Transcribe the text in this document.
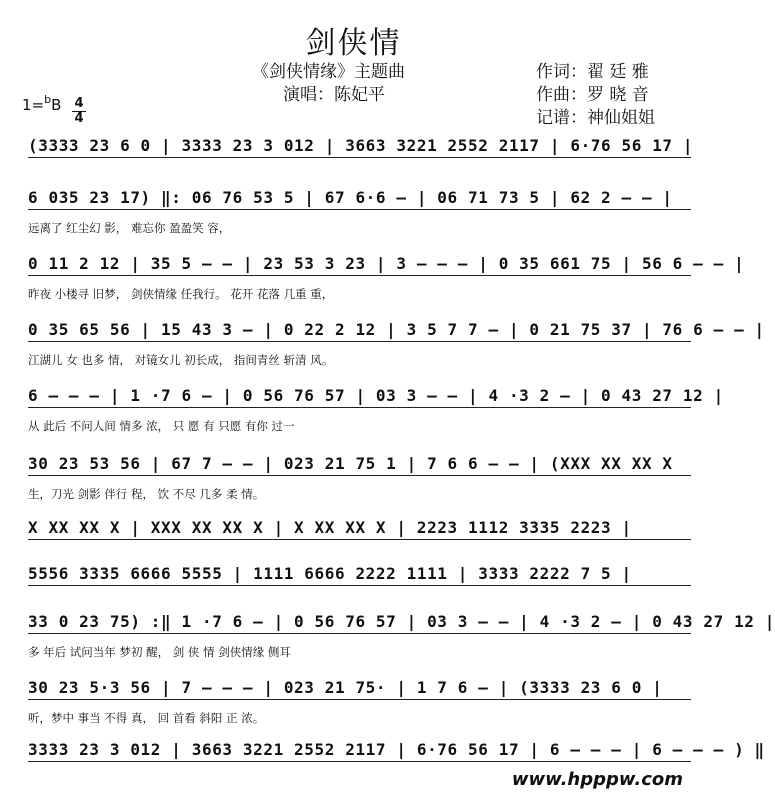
剑侠情
《剑侠情缘》主题曲
演唱：陈妃平
作词：翟 廷 雅
作曲：罗 晓 音
记谱：神仙姐姐
1=$^b$B 4
4
(3333 23 6 0 | 3333 23 3 012 | 3663 3221 2552 2117 | 6·76 56 17 |
6 035 23 17) ‖: 06 76 53 5 | 67 6·6 – | 06 71 73 5 | 62 2 – – |
远离了 红尘幻 影， 难忘你 盈盈笑 容，
0 11 2 12 | 35 5 – – | 23 53 3 23 | 3 – – – | 0 35 661 75 | 56 6 – – |
昨夜 小楼寻 旧梦， 剑侠情缘 任我行。 花开 花落 几重 重，
0 35 65 56 | 15 43 3 – | 0 22 2 12 | 3 5 7 7 – | 0 21 75 37 | 76 6 – – |
江湖儿 女 也多 情， 对镜女儿 初长成， 指间青丝 斩清 风。
6 – – – | 1 ·7 6 – | 0 56 76 57 | 03 3 – – | 4 ·3 2 – | 0 43 27 12 |
从 此后 不问人间 情多 浓， 只 愿 有 只愿 有你 过一
30 23 53 56 | 67 7 – – | 023 21 75 1 | 7 6 6 – – | (XXX XX XX X
生，刀光 剑影 伴行 程， 饮 不尽 几多 柔 情。
X XX XX X | XXX XX XX X | X XX XX X | 2223 1112 3335 2223 |
5556 3335 6666 5555 | 1111 6666 2222 1111 | 3333 2222 7 5 |
33 0 23 75) :‖ 1 ·7 6 – | 0 56 76 57 | 03 3 – – | 4 ·3 2 – | 0 43 27 12 |
多 年后 试问当年 梦初 醒， 剑 侠 情 剑侠情缘 侧耳
30 23 5·3 56 | 7 – – – | 023 21 75· | 1 7 6 – | (3333 23 6 0 |
听，梦中 事当 不得 真， 回 首看 斜阳 正 浓。
3333 23 3 012 | 3663 3221 2552 2117 | 6·76 56 17 | 6 – – – | 6 – – – ) ‖
www.hpppw.com
